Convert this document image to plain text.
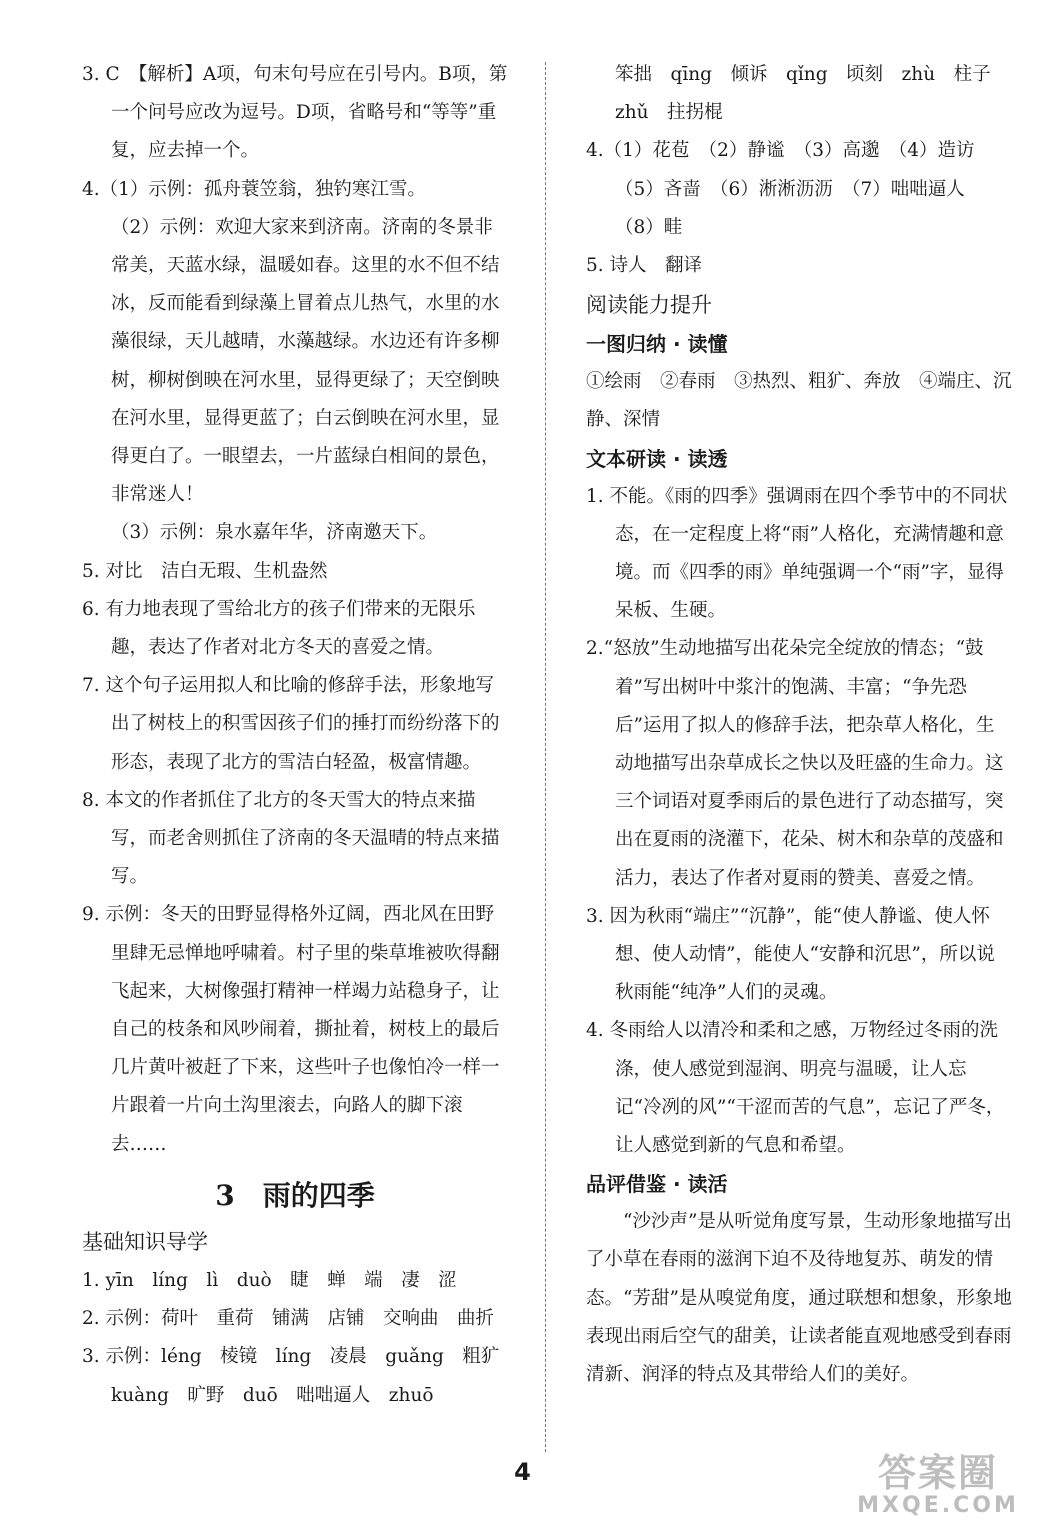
3. C　【解析】A项，句末句号应在引号内。B项，第一个问号应改为逗号。D项，省略号和“等等”重复，应去掉一个。

4.（1）示例：孤舟蓑笠翁，独钓寒江雪。

（2）示例：欢迎大家来到济南。济南的冬景非常美，天蓝水绿，温暖如春。这里的水不但不结冰，反而能看到绿藻上冒着点儿热气，水里的水藻很绿，天儿越晴，水藻越绿。水边还有许多柳树，柳树倒映在河水里，显得更绿了；天空倒映在河水里，显得更蓝了；白云倒映在河水里，显得更白了。一眼望去，一片蓝绿白相间的景色，非常迷人！

（3）示例：泉水嘉年华，济南邀天下。

5. 对比　洁白无瑕、生机盎然

6. 有力地表现了雪给北方的孩子们带来的无限乐趣，表达了作者对北方冬天的喜爱之情。

7. 这个句子运用拟人和比喻的修辞手法，形象地写出了树枝上的积雪因孩子们的捶打而纷纷落下的形态，表现了北方的雪洁白轻盈，极富情趣。

8. 本文的作者抓住了北方的冬天雪大的特点来描写，而老舍则抓住了济南的冬天温晴的特点来描写。

9. 示例：冬天的田野显得格外辽阔，西北风在田野里肆无忌惮地呼啸着。村子里的柴草堆被吹得翻飞起来，大树像强打精神一样竭力站稳身子，让自己的枝条和风吵闹着，撕扯着，树枝上的最后几片黄叶被赶了下来，这些叶子也像怕冷一样一片跟着一片向土沟里滚去，向路人的脚下滚去……

3　雨的四季

基础知识导学

1. yīn　líng　lì　duò　睫　蝉　端　凄　涩

2. 示例：荷叶　重荷　铺满　店铺　交响曲　曲折

3. 示例：léng　棱镜　líng　凌晨　guǎng　粗犷　kuàng　旷野　duō　咄咄逼人　zhuō

笨拙　qīng　倾诉　qǐng　顷刻　zhù　柱子　zhǔ　拄拐棍

4.（1）花苞　（2）静谧　（3）高邈　（4）造访　（5）吝啬　（6）淅淅沥沥　（7）咄咄逼人　（8）畦

5. 诗人　翻译

阅读能力提升

一图归纳 · 读懂

①绘雨　②春雨　③热烈、粗犷、奔放　④端庄、沉静、深情

文本研读 · 读透

1. 不能。《雨的四季》强调雨在四个季节中的不同状态，在一定程度上将“雨”人格化，充满情趣和意境。而《四季的雨》单纯强调一个“雨”字，显得呆板、生硬。

2.“怒放”生动地描写出花朵完全绽放的情态；“鼓着”写出树叶中浆汁的饱满、丰富；“争先恐后”运用了拟人的修辞手法，把杂草人格化，生动地描写出杂草成长之快以及旺盛的生命力。这三个词语对夏季雨后的景色进行了动态描写，突出在夏雨的浇灌下，花朵、树木和杂草的茂盛和活力，表达了作者对夏雨的赞美、喜爱之情。

3. 因为秋雨“端庄”“沉静”，能“使人静谧、使人怀想、使人动情”，能使人“安静和沉思”，所以说秋雨能“纯净”人们的灵魂。

4. 冬雨给人以清冷和柔和之感，万物经过冬雨的洗涤，使人感觉到湿润、明亮与温暖，让人忘记“冷冽的风”“干涩而苦的气息”，忘记了严冬，让人感觉到新的气息和希望。

品评借鉴 · 读活

“沙沙声”是从听觉角度写景，生动形象地描写出了小草在春雨的滋润下迫不及待地复苏、萌发的情态。“芳甜”是从嗅觉角度，通过联想和想象，形象地表现出雨后空气的甜美，让读者能直观地感受到春雨清新、润泽的特点及其带给人们的美好。

4	答案圈
MXQE.COM
